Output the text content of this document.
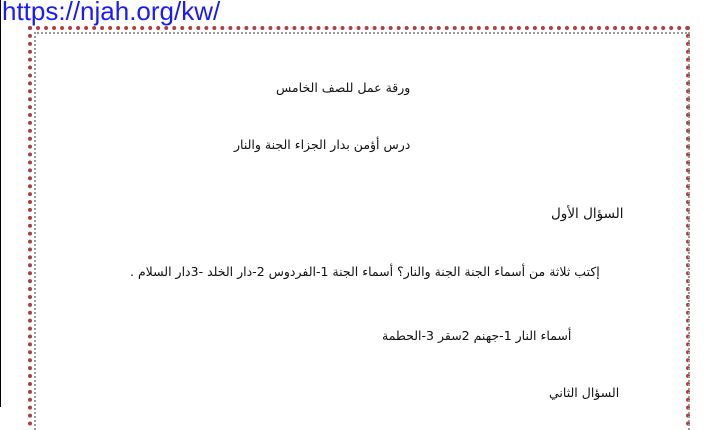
https://njah.org/kw/
ورقة عمل للصف الخامس
درس أؤمن بدار الجزاء الجنة والنار
السؤال الأول
إكتب ثلاثة من أسماء الجنة الجنة والنار؟ أسماء الجنة 1-الفردوس 2-دار الخلد -3دار السلام .
أسماء النار 1-جهنم 2سقر 3-الحطمة
السؤال الثاني
